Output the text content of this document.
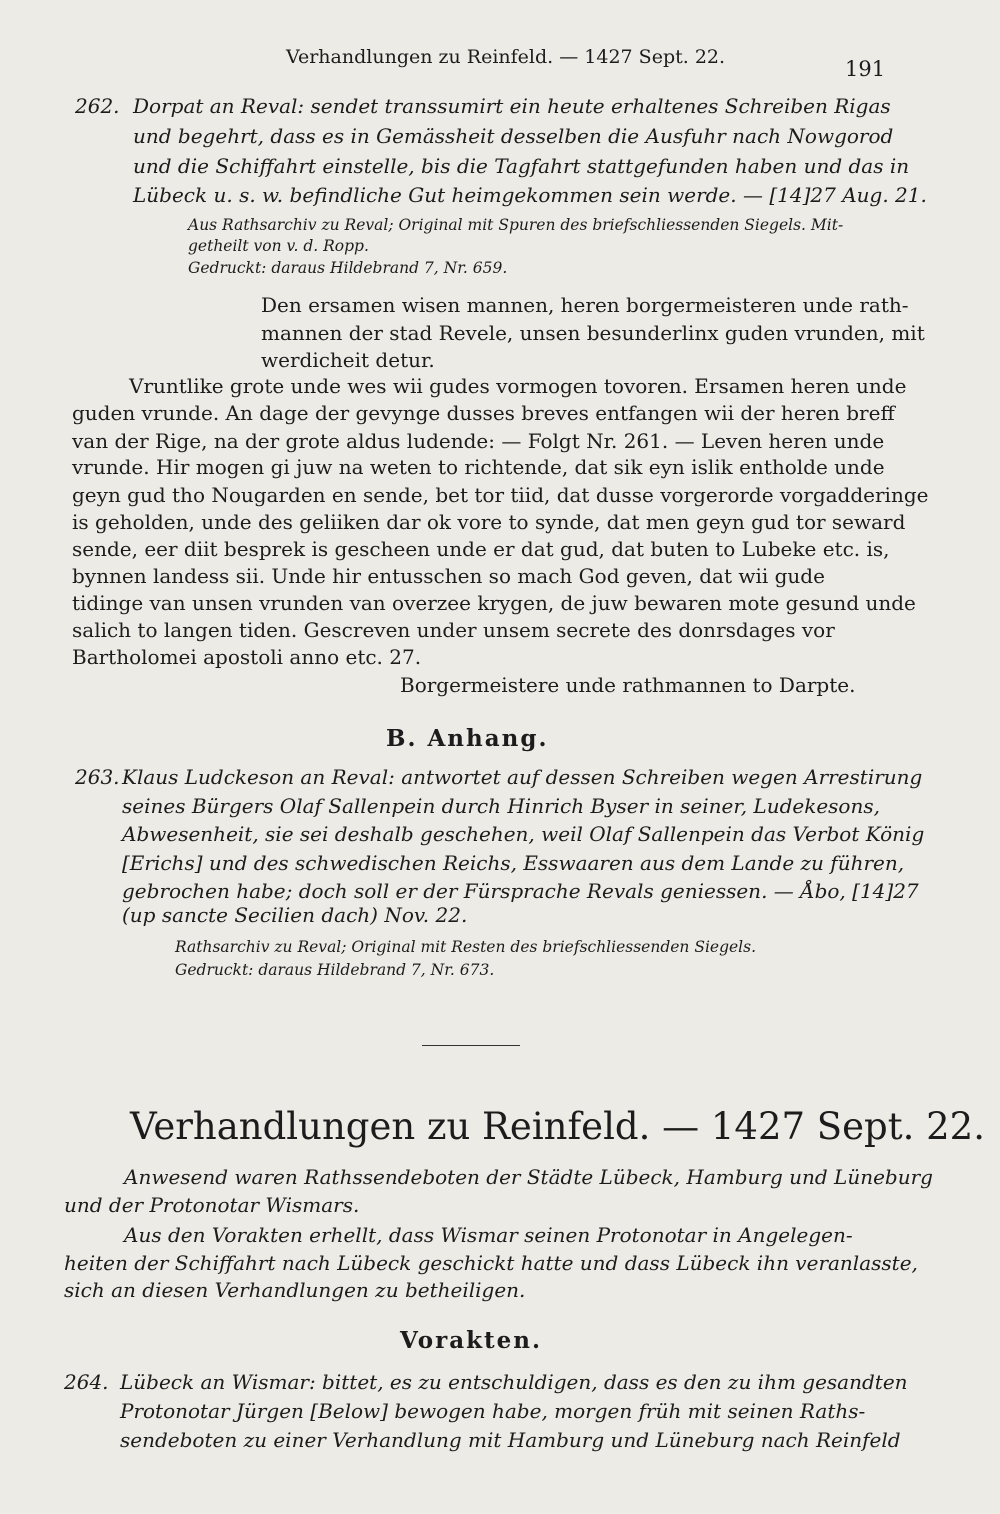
Verhandlungen zu Reinfeld. — 1427 Sept. 22.	191
262. Dorpat an Reval: sendet transsumirt ein heute erhaltenes Schreiben Rigas
und begehrt, dass es in Gemässheit desselben die Ausfuhr nach Nowgorod
und die Schiffahrt einstelle, bis die Tagfahrt stattgefunden haben und das in
Lübeck u. s. w. befindliche Gut heimgekommen sein werde. — [14]27 Aug. 21.
Aus Rathsarchiv zu Reval; Original mit Spuren des briefschliessenden Siegels. Mit-
getheilt von v. d. Ropp.
Gedruckt: daraus Hildebrand 7, Nr. 659.
Den ersamen wisen mannen, heren borgermeisteren unde rath-
mannen der stad Revele, unsen besunderlinx guden vrunden, mit
werdicheit detur.
Vruntlike grote unde wes wii gudes vormogen tovoren. Ersamen heren unde
guden vrunde. An dage der gevynge dusses breves entfangen wii der heren breff
van der Rige, na der grote aldus ludende: — Folgt Nr. 261. — Leven heren unde
vrunde. Hir mogen gi juw na weten to richtende, dat sik eyn islik entholde unde
geyn gud tho Nougarden en sende, bet tor tiid, dat dusse vorgerorde vorgadderinge
is geholden, unde des geliiken dar ok vore to synde, dat men geyn gud tor seward
sende, eer diit besprek is gescheen unde er dat gud, dat buten to Lubeke etc. is,
bynnen landess sii. Unde hir entusschen so mach God geven, dat wii gude
tidinge van unsen vrunden van overzee krygen, de juw bewaren mote gesund unde
salich to langen tiden. Gescreven under unsem secrete des donrsdages vor
Bartholomei apostoli anno etc. 27.
Borgermeistere unde rathmannen to Darpte.
B. Anhang.
263. Klaus Ludckeson an Reval: antwortet auf dessen Schreiben wegen Arrestirung
seines Bürgers Olaf Sallenpein durch Hinrich Byser in seiner, Ludekesons,
Abwesenheit, sie sei deshalb geschehen, weil Olaf Sallenpein das Verbot König
[Erichs] und des schwedischen Reichs, Esswaaren aus dem Lande zu führen,
gebrochen habe; doch soll er der Fürsprache Revals geniessen. — Åbo, [14]27
(up sancte Secilien dach) Nov. 22.
Rathsarchiv zu Reval; Original mit Resten des briefschliessenden Siegels.
Gedruckt: daraus Hildebrand 7, Nr. 673.
Verhandlungen zu Reinfeld. — 1427 Sept. 22.
Anwesend waren Rathssendeboten der Städte Lübeck, Hamburg und Lüneburg
und der Protonotar Wismars.
Aus den Vorakten erhellt, dass Wismar seinen Protonotar in Angelegen-
heiten der Schiffahrt nach Lübeck geschickt hatte und dass Lübeck ihn veranlasste,
sich an diesen Verhandlungen zu betheiligen.
Vorakten.
264. Lübeck an Wismar: bittet, es zu entschuldigen, dass es den zu ihm gesandten
Protonotar Jürgen [Below] bewogen habe, morgen früh mit seinen Raths-
sendeboten zu einer Verhandlung mit Hamburg und Lüneburg nach Reinfeld
